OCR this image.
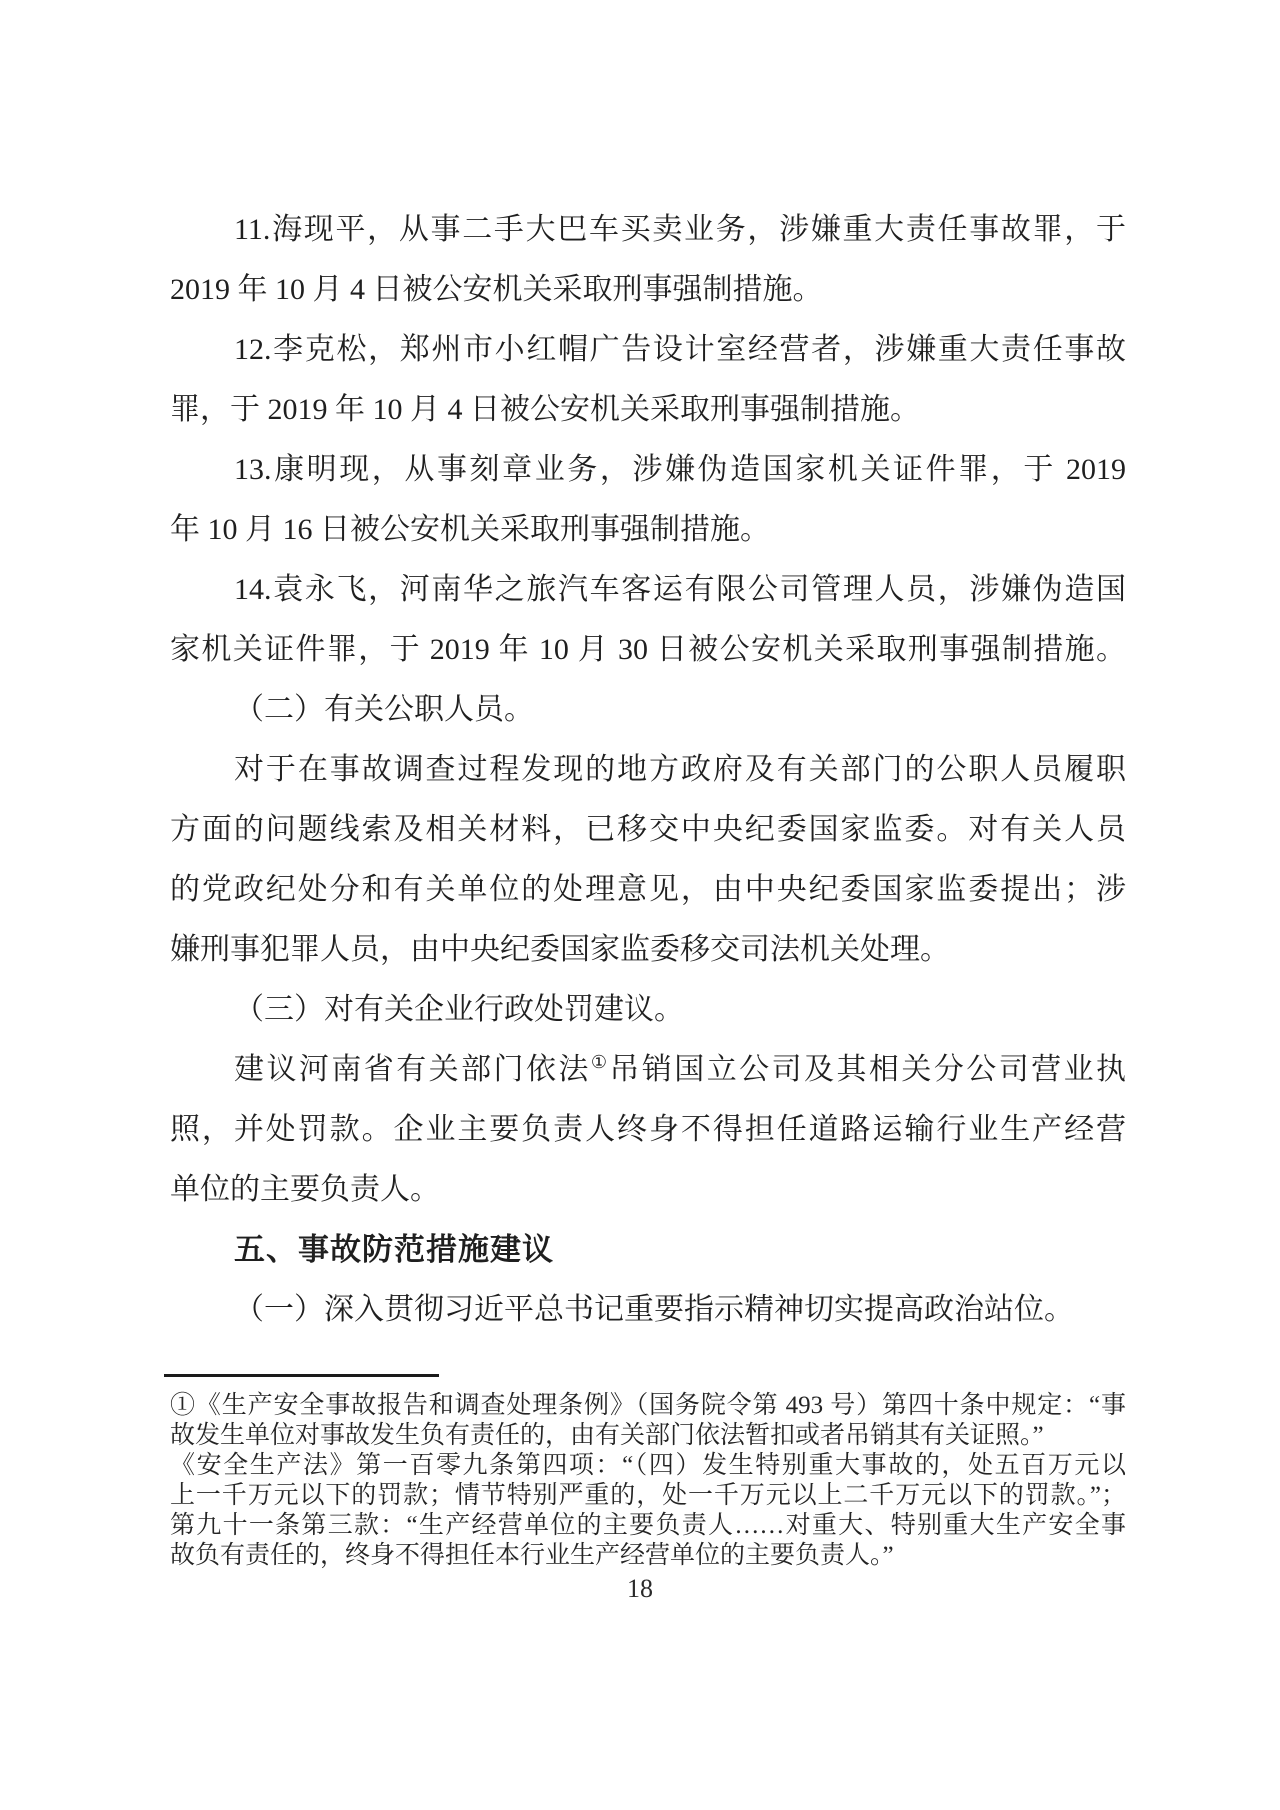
11.海现平，从事二手大巴车买卖业务，涉嫌重大责任事故罪，于
2019 年 10 月 4 日被公安机关采取刑事强制措施。
12.李克松，郑州市小红帽广告设计室经营者，涉嫌重大责任事故
罪，于 2019 年 10 月 4 日被公安机关采取刑事强制措施。
13.康明现，从事刻章业务，涉嫌伪造国家机关证件罪，于 2019
年 10 月 16 日被公安机关采取刑事强制措施。
14.袁永飞，河南华之旅汽车客运有限公司管理人员，涉嫌伪造国
家机关证件罪，于 2019 年 10 月 30 日被公安机关采取刑事强制措施。
（二）有关公职人员。
对于在事故调查过程发现的地方政府及有关部门的公职人员履职
方面的问题线索及相关材料，已移交中央纪委国家监委。对有关人员
的党政纪处分和有关单位的处理意见，由中央纪委国家监委提出；涉
嫌刑事犯罪人员，由中央纪委国家监委移交司法机关处理。
（三）对有关企业行政处罚建议。
建议河南省有关部门依法①吊销国立公司及其相关分公司营业执
照，并处罚款。企业主要负责人终身不得担任道路运输行业生产经营
单位的主要负责人。
五、事故防范措施建议
（一）深入贯彻习近平总书记重要指示精神切实提高政治站位。
①《生产安全事故报告和调查处理条例》（国务院令第 493 号）第四十条中规定：“事
故发生单位对事故发生负有责任的，由有关部门依法暂扣或者吊销其有关证照。”
《安全生产法》第一百零九条第四项：“（四）发生特别重大事故的，处五百万元以
上一千万元以下的罚款；情节特别严重的，处一千万元以上二千万元以下的罚款。”；
第九十一条第三款：“生产经营单位的主要负责人……对重大、特别重大生产安全事
故负有责任的，终身不得担任本行业生产经营单位的主要负责人。”
18
